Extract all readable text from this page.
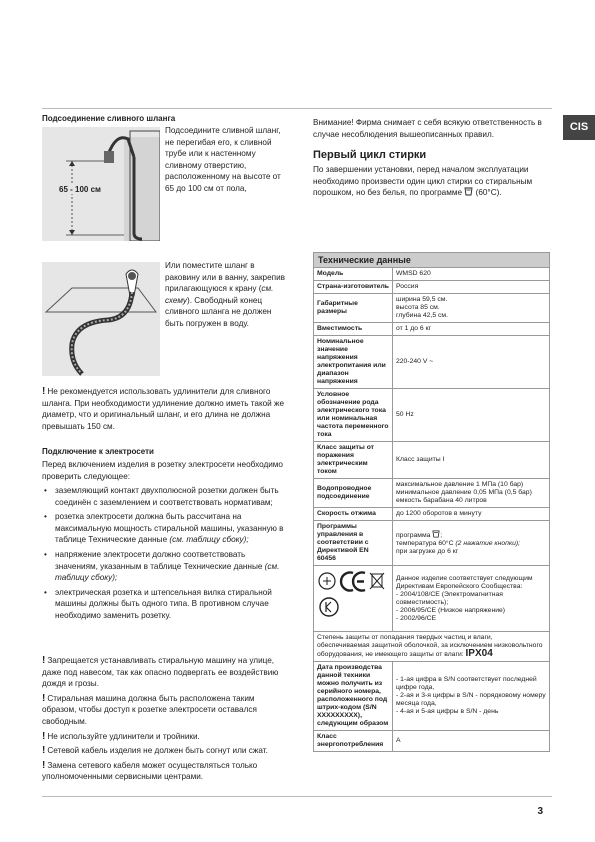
CIS
Подсоединение сливного шланга
65 - 100 см
Подсоедините сливной шланг, не перегибая его, к сливной трубе или к настенному сливному отверстию, расположенному на высоте от 65 до 100 см от пола,
Или поместите шланг в раковину или в ванну, закрепив прилагающуюся к крану (см. схему). Свободный конец сливного шланга не должен быть погружен в воду.
! Не рекомендуется использовать удлинители для сливного шланга. При необходимости удлинение должно иметь такой же диаметр, что и оригинальный шланг, и его длина не должна превышать 150 см.
Подключение к электросети
Перед включением изделия в розетку электросети необходимо проверить следующее:
• заземляющий контакт двухполюсной розетки должен быть соединён с заземлением и соответствовать нормативам;
• розетка электросети должна быть рассчитана на максимальную мощность стиральной машины, указанную в таблице Технические данные (см. таблицу сбоку);
• напряжение электросети должно соответствовать значениям, указанным в таблице Технические данные (см. таблицу сбоку);
• электрическая розетка и штепсельная вилка стиральной машины должны быть одного типа. В противном случае необходимо заменить розетку.
! Запрещается устанавливать стиральную машину на улице, даже под навесом, так как опасно подвергать ее воздействию дождя и грозы.
! Стиральная машина должна быть расположена таким образом, чтобы доступ к розетке электросети оставался свободным.
! Не используйте удлинители и тройники.
! Сетевой кабель изделия не должен быть согнут или сжат.
! Замена сетевого кабеля может осуществляться только уполномоченными сервисными центрами.
Внимание! Фирма снимает с себя всякую ответственность в случае несоблюдения вышеописанных правил.
Первый цикл стирки
По завершении установки, перед началом эксплуатации необходимо произвести один цикл стирки со стиральным порошком, но без белья, по программе  (60°C).
Технические данные	
Модель	WMSD 620
Страна-изготовитель	Россия
Габаритные размеры	ширина 59,5 см.
высота 85 см.
глубина 42,5 см.
Вместимость	от 1 до 6 кг
Номинальное значение напряжения электропитания или диапазон напряжения	220-240 V ~
Условное обозначение рода электрического тока или номинальная частота переменного тока	50 Hz
Класс защиты от поражения электрическим током	Класс защиты I
Водопроводное подсоединение	максимальное давление 1 МПа (10 бар)
минимальное давление 0,05 МПа (0,5 бар)
емкость барабана 40 литров
Скорость отжима	до 1200 оборотов в минуту
Программы управления в соответствии с Директивой EN 60456	программа ;
температура 60°C (2 нажатие кнопки);
при загрузке до 6 кг

	Данное изделие соответствует следующим Директивам Европейского Сообщества:
- 2004/108/CE (Электромагнитная совместимость);
- 2006/95/CE (Низкое напряжение)
- 2002/96/CE
Степень защиты от попадания твердых частиц и влаги, обеспечиваемая защитной оболочкой, за исключением низковольтного оборудования, не имеющего защиты от влаги: IPX04	
Дата производства данной техники можно получить из серийного номера, расположенного под штрих-кодом (S/N XXXXXXXXX), следующим образом	- 1-ая цифра в S/N соответствует последней цифре года,
- 2-ая и 3-я цифры в S/N - порядковому номеру месяца года,
- 4-ая и 5-ая цифры в S/N - день
Класс энергопотребления	A
3
